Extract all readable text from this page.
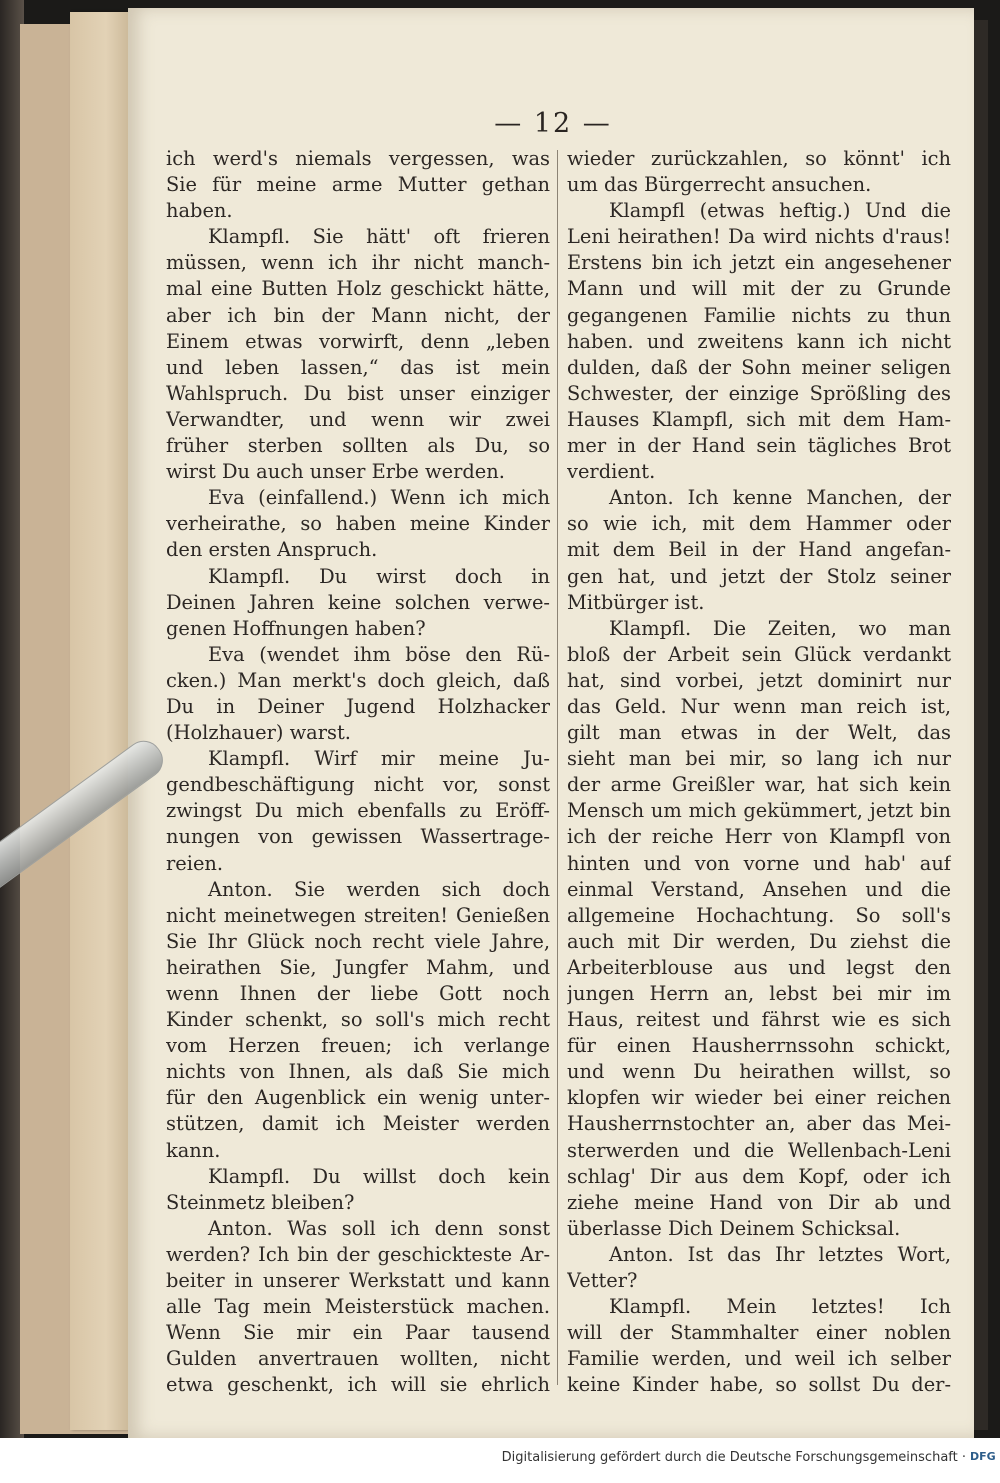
— 12 —
ich werd's niemals vergessen, was
Sie für meine arme Mutter gethan
haben.
Klampfl. Sie hätt' oft frieren
müssen, wenn ich ihr nicht manch-
mal eine Butten Holz geschickt hätte,
aber ich bin der Mann nicht, der
Einem etwas vorwirft, denn „leben
und leben lassen,“ das ist mein
Wahlspruch. Du bist unser einziger
Verwandter, und wenn wir zwei
früher sterben sollten als Du, so
wirst Du auch unser Erbe werden.
Eva (einfallend.) Wenn ich mich
verheirathe, so haben meine Kinder
den ersten Anspruch.
Klampfl. Du wirst doch in
Deinen Jahren keine solchen verwe-
genen Hoffnungen haben?
Eva (wendet ihm böse den Rü-
cken.) Man merkt's doch gleich, daß
Du in Deiner Jugend Holzhacker
(Holzhauer) warst.
Klampfl. Wirf mir meine Ju-
gendbeschäftigung nicht vor, sonst
zwingst Du mich ebenfalls zu Eröff-
nungen von gewissen Wassertrage-
reien.
Anton. Sie werden sich doch
nicht meinetwegen streiten! Genießen
Sie Ihr Glück noch recht viele Jahre,
heirathen Sie, Jungfer Mahm, und
wenn Ihnen der liebe Gott noch
Kinder schenkt, so soll's mich recht
vom Herzen freuen; ich verlange
nichts von Ihnen, als daß Sie mich
für den Augenblick ein wenig unter-
stützen, damit ich Meister werden
kann.
Klampfl. Du willst doch kein
Steinmetz bleiben?
Anton. Was soll ich denn sonst
werden? Ich bin der geschickteste Ar-
beiter in unserer Werkstatt und kann
alle Tag mein Meisterstück machen.
Wenn Sie mir ein Paar tausend
Gulden anvertrauen wollten, nicht
etwa geschenkt, ich will sie ehrlich
wieder zurückzahlen, so könnt' ich
um das Bürgerrecht ansuchen.
Klampfl (etwas heftig.) Und die
Leni heirathen! Da wird nichts d'raus!
Erstens bin ich jetzt ein angesehener
Mann und will mit der zu Grunde
gegangenen Familie nichts zu thun
haben. und zweitens kann ich nicht
dulden, daß der Sohn meiner seligen
Schwester, der einzige Sprößling des
Hauses Klampfl, sich mit dem Ham-
mer in der Hand sein tägliches Brot
verdient.
Anton. Ich kenne Manchen, der
so wie ich, mit dem Hammer oder
mit dem Beil in der Hand angefan-
gen hat, und jetzt der Stolz seiner
Mitbürger ist.
Klampfl. Die Zeiten, wo man
bloß der Arbeit sein Glück verdankt
hat, sind vorbei, jetzt dominirt nur
das Geld. Nur wenn man reich ist,
gilt man etwas in der Welt, das
sieht man bei mir, so lang ich nur
der arme Greißler war, hat sich kein
Mensch um mich gekümmert, jetzt bin
ich der reiche Herr von Klampfl von
hinten und von vorne und hab' auf
einmal Verstand, Ansehen und die
allgemeine Hochachtung. So soll's
auch mit Dir werden, Du ziehst die
Arbeiterblouse aus und legst den
jungen Herrn an, lebst bei mir im
Haus, reitest und fährst wie es sich
für einen Hausherrnssohn schickt,
und wenn Du heirathen willst, so
klopfen wir wieder bei einer reichen
Hausherrnstochter an, aber das Mei-
sterwerden und die Wellenbach-Leni
schlag' Dir aus dem Kopf, oder ich
ziehe meine Hand von Dir ab und
überlasse Dich Deinem Schicksal.
Anton. Ist das Ihr letztes Wort,
Vetter?
Klampfl. Mein letztes! Ich
will der Stammhalter einer noblen
Familie werden, und weil ich selber
keine Kinder habe, so sollst Du der-
Digitalisierung gefördert durch die Deutsche Forschungsgemeinschaft · DFG
